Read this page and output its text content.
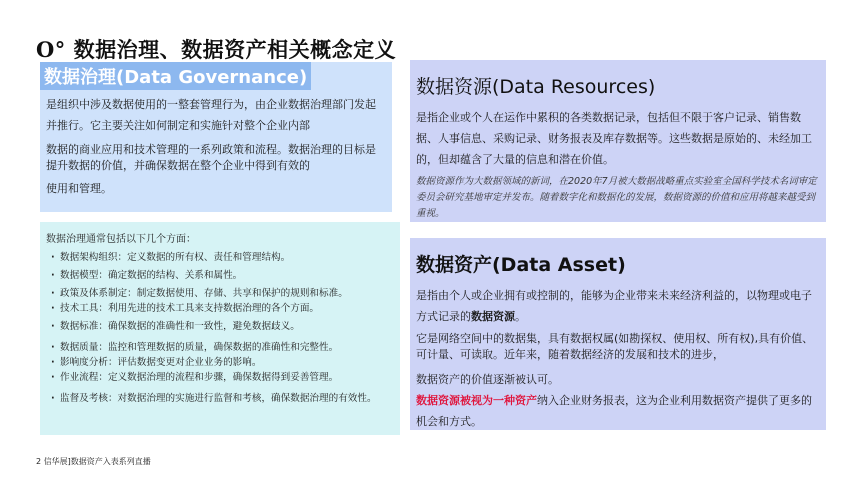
O° 数据治理、数据资产相关概念定义
数据治理(Data Governance)
是组织中涉及数据使用的一整套管理行为，由企业数据治理部门发起并推行。它主要关注如何制定和实施针对整个企业内部
数据的商业应用和技术管理的一系列政策和流程。数据治理的目标是提升数据的价值，并确保数据在整个企业中得到有效的
使用和管理。
数据治理通常包括以下几个方面：
· 数据架构组织：定义数据的所有权、责任和管理结构。
· 数据模型：确定数据的结构、关系和属性。
· 政策及体系制定：制定数据使用、存储、共享和保护的规则和标准。
· 技术工具：利用先进的技术工具来支持数据治理的各个方面。
· 数据标准：确保数据的准确性和一致性，避免数据歧义。
· 数据质量：监控和管理数据的质量，确保数据的准确性和完整性。
· 影响度分析：评估数据变更对企业业务的影响。
· 作业流程：定义数据治理的流程和步骤，确保数据得到妥善管理。
· 监督及考核：对数据治理的实施进行监督和考核，确保数据治理的有效性。
数据资源(Data Resources)
是指企业或个人在运作中累积的各类数据记录，包括但不限于客户记录、销售数据、人事信息、采购记录、财务报表及库存数据等。这些数据是原始的、未经加工的，但却蕴含了大量的信息和潜在价值。
数据资源作为大数据领域的新词，在2020年7月被大数据战略重点实验室全国科学技术名词审定委员会研究基地审定并发布。随着数字化和数据化的发展，数据资源的价值和应用将越来越受到重视。
数据资产(Data Asset)
是指由个人或企业拥有或控制的，能够为企业带来未来经济利益的，以物理或电子方式记录的数据资源。
它是网络空间中的数据集，具有数据权属(如勘探权、使用权、所有权),具有价值、可计量、可读取。近年来，随着数据经济的发展和技术的进步，
数据资产的价值逐渐被认可。
数据资源被视为一种资产纳入企业财务报表，这为企业利用数据资产提供了更多的机会和方式。
2 信华展]数据资产入表系列直播
